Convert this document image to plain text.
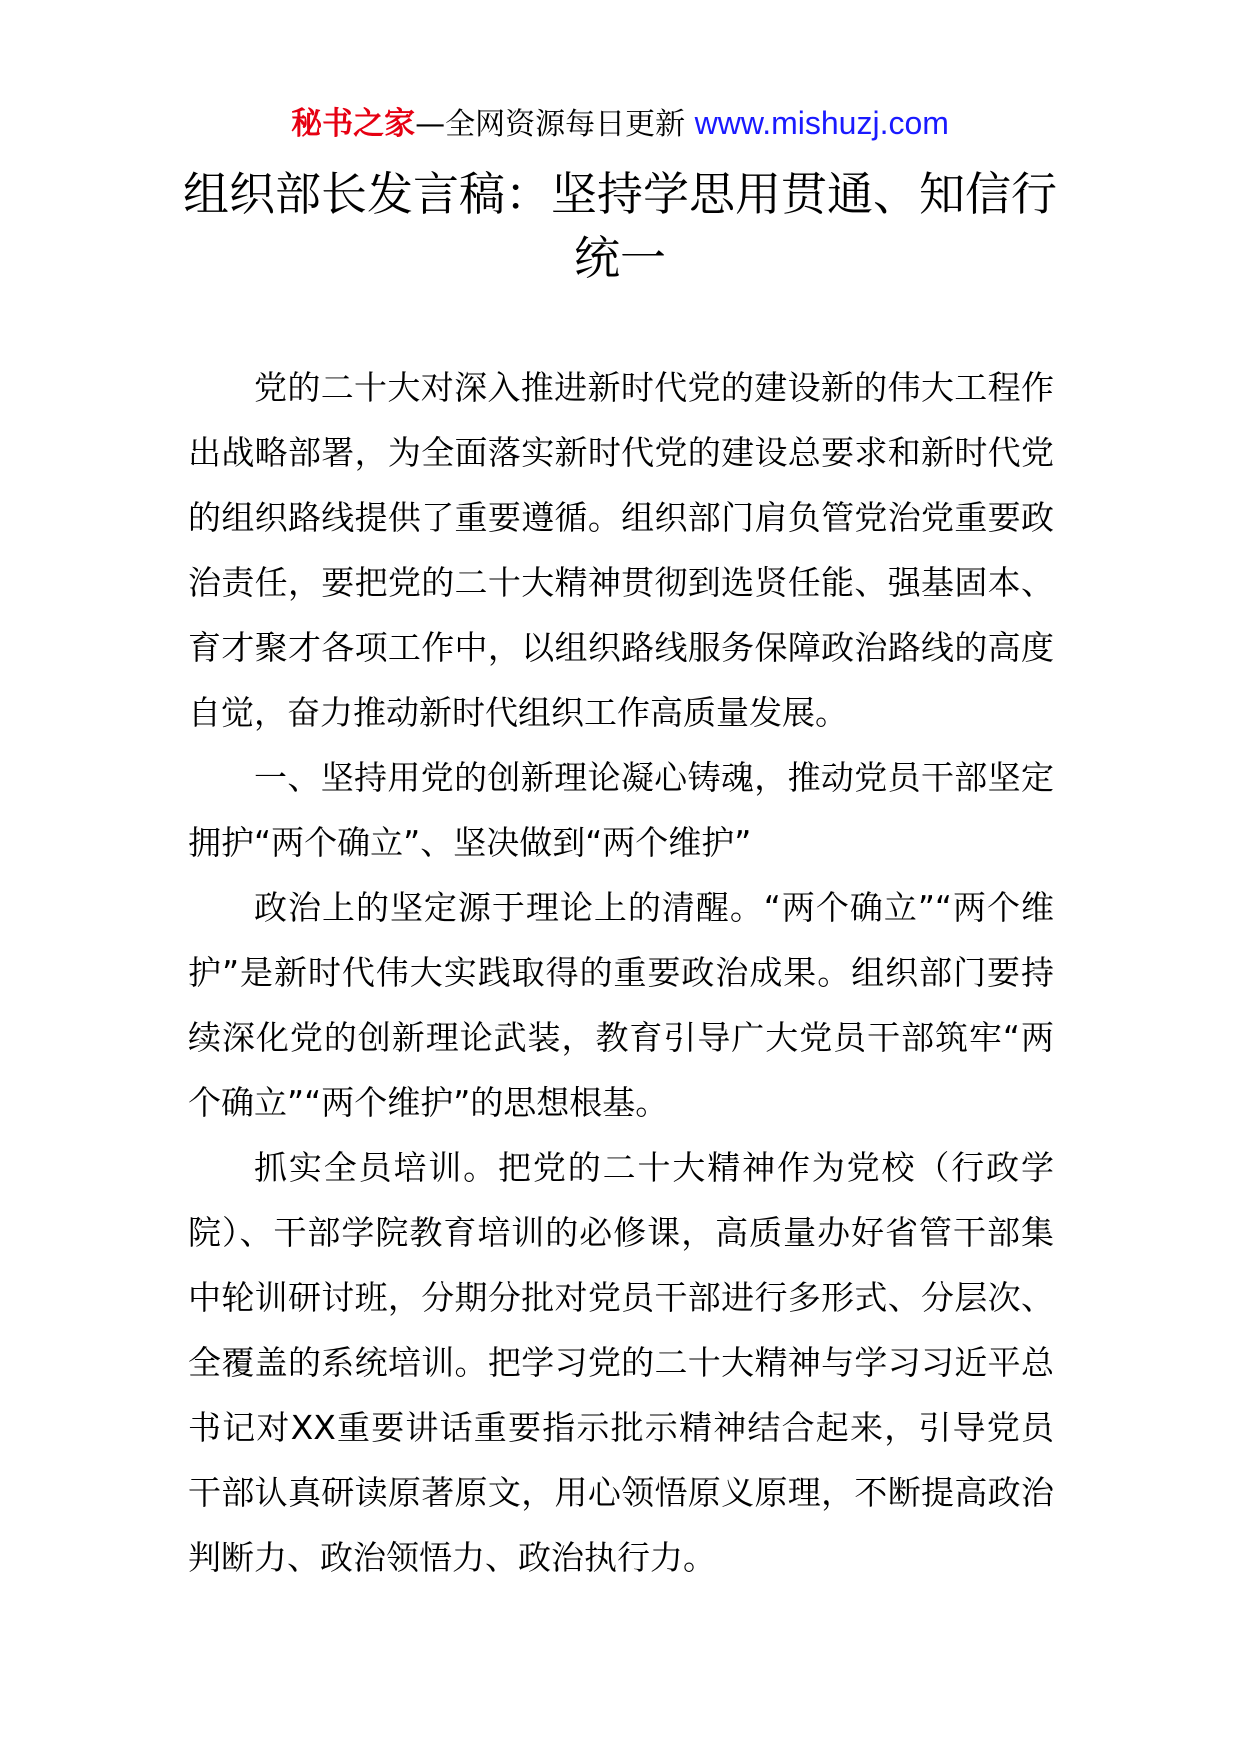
秘书之家—全网资源每日更新 www.mishuzj.com
组织部长发言稿：坚持学思用贯通、知信行统一

党的二十大对深入推进新时代党的建设新的伟大工程作出战略部署，为全面落实新时代党的建设总要求和新时代党的组织路线提供了重要遵循。组织部门肩负管党治党重要政治责任，要把党的二十大精神贯彻到选贤任能、强基固本、育才聚才各项工作中，以组织路线服务保障政治路线的高度自觉，奋力推动新时代组织工作高质量发展。

一、坚持用党的创新理论凝心铸魂，推动党员干部坚定拥护“两个确立”、坚决做到“两个维护”

政治上的坚定源于理论上的清醒。“两个确立”“两个维护”是新时代伟大实践取得的重要政治成果。组织部门要持续深化党的创新理论武装，教育引导广大党员干部筑牢“两个确立”“两个维护”的思想根基。

抓实全员培训。把党的二十大精神作为党校（行政学院）、干部学院教育培训的必修课，高质量办好省管干部集中轮训研讨班，分期分批对党员干部进行多形式、分层次、全覆盖的系统培训。把学习党的二十大精神与学习习近平总书记对XX重要讲话重要指示批示精神结合起来，引导党员干部认真研读原著原文，用心领悟原义原理，不断提高政治判断力、政治领悟力、政治执行力。
